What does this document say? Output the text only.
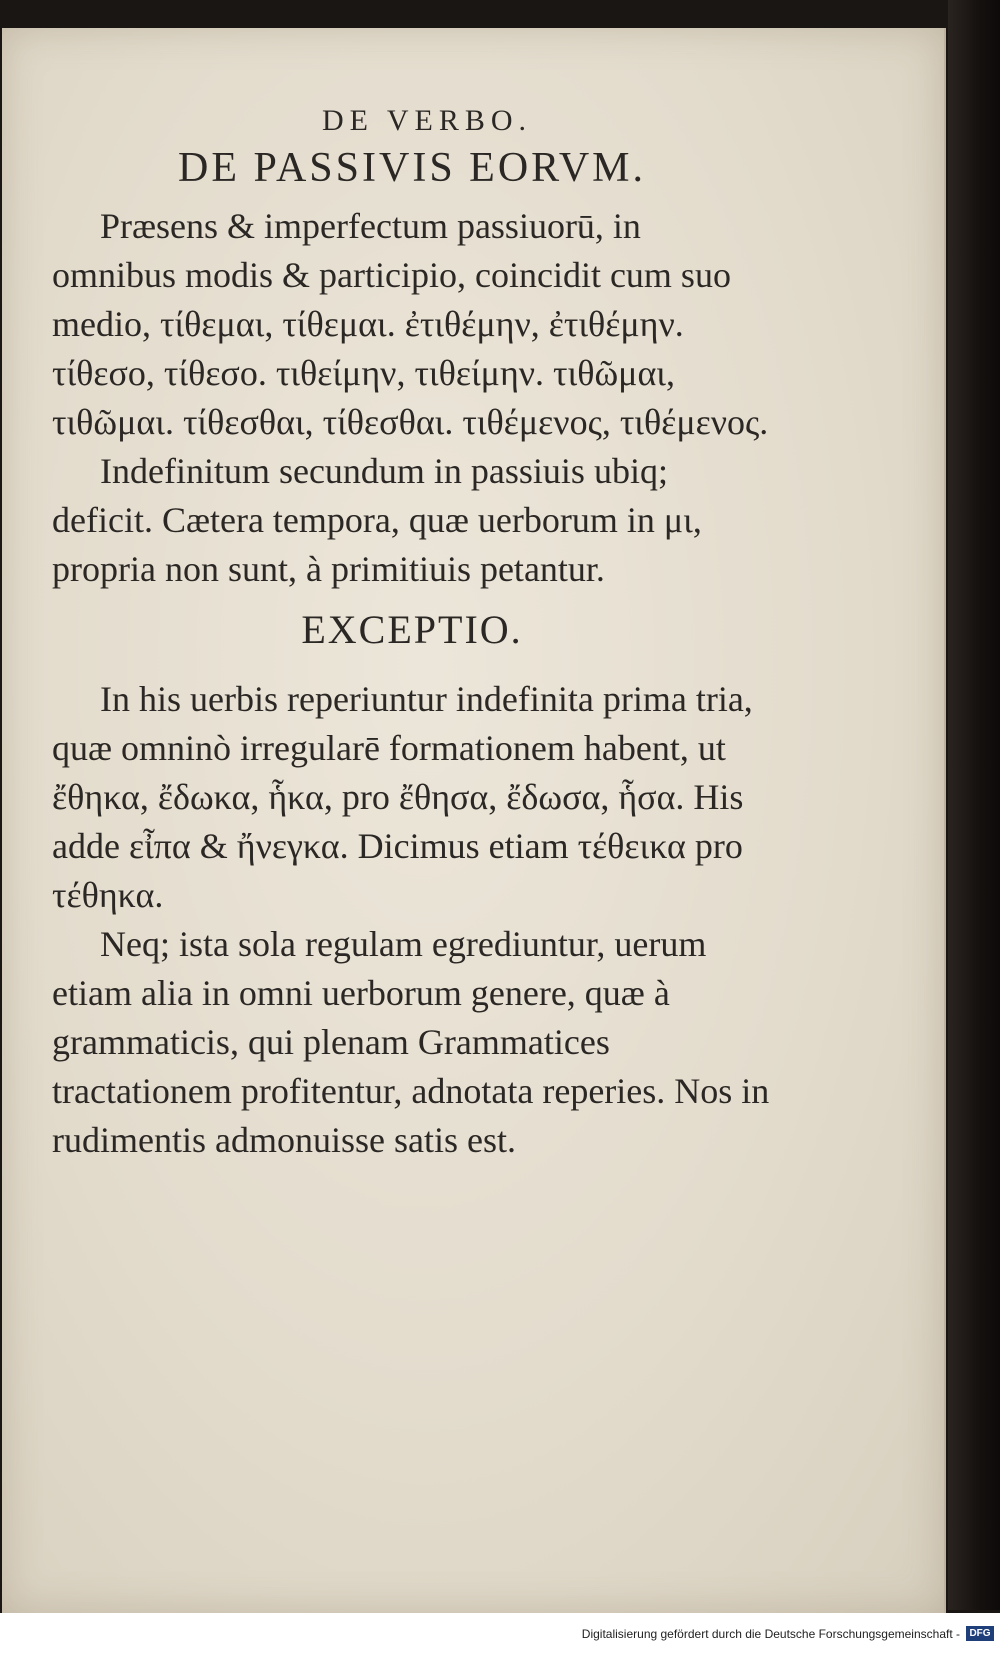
DE VERBO.
DE PASSIVIS EORVM.

Præsens & imperfectum passiuorū, in omnibus modis & participio, coincidit cum suo medio, τίθεμαι, τίθεμαι. ἐτιθέμην, ἐτιθέμην. τίθεσο, τίθεσο. τιθείμην, τιθείμην. τιθῶμαι, τιθῶμαι. τίθεσθαι, τίθεσθαι. τιθέμενος, τιθέμενος.

Indefinitum secundum in passiuis ubiq; deficit. Cætera tempora, quæ uerborum in μι, propria non sunt, à primitiuis petantur.

EXCEPTIO.

In his uerbis reperiuntur indefinita prima tria, quæ omninò irregularē formationem habent, ut ἔθηκα, ἔδωκα, ἧκα, pro ἔθησα, ἔδωσα, ἧσα. His adde εἶπα & ἤνεγκα. Dicimus etiam τέθεικα pro τέθηκα.

Neq; ista sola regulam egrediuntur, uerum etiam alia in omni uerborum genere, quæ à grammaticis, qui plenam Grammatices tractationem profitentur, adnotata reperies. Nos in rudimentis admonuisse satis est.

Digitalisierung gefördert durch die Deutsche Forschungsgemeinschaft - DFG
